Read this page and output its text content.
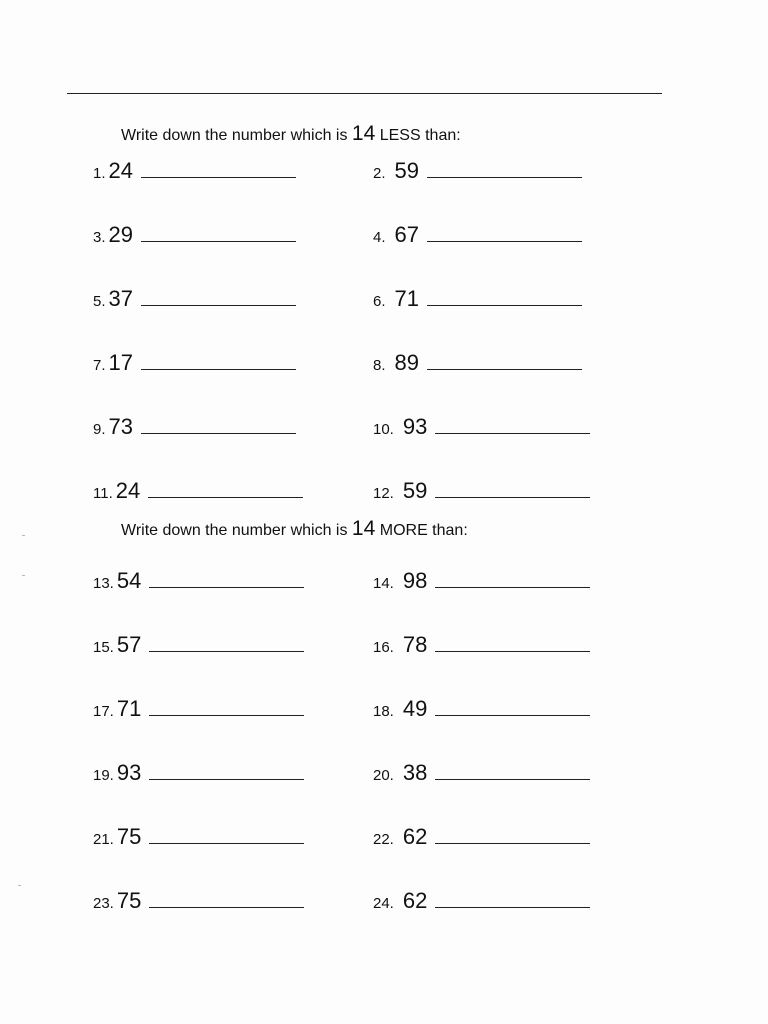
Write down the number which is 14 LESS than:
1. 24	2. 59
3. 29	4. 67
5. 37	6. 71
7. 17	8. 89
9. 73	10. 93
11. 24	12. 59
Write down the number which is 14 MORE than:
13. 54	14. 98
15. 57	16. 78
17. 71	18. 49
19. 93	20. 38
21. 75	22. 62
23. 75	24. 62
